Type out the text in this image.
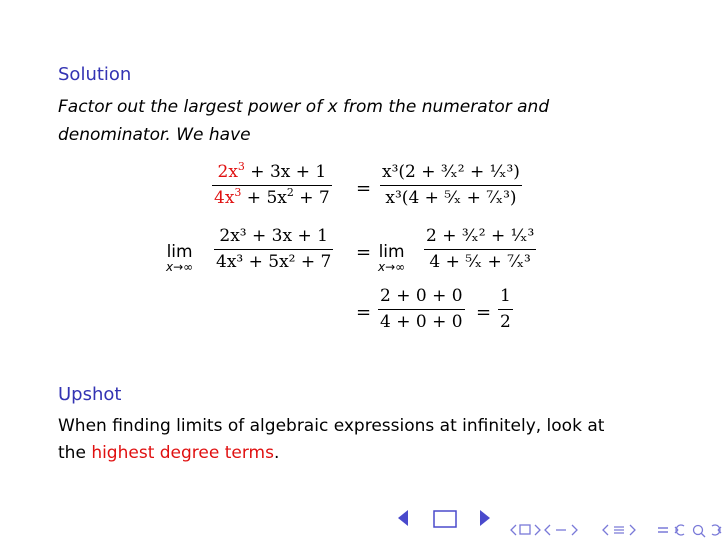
Solution
Factor out the largest power of x from the numerator and
denominator. We have
$2x^3 + 3x + 1$
$4x^3 + 5x^2 + 7$ =
x³(2 + ³⁄ₓ² + ¹⁄ₓ³)
x³(4 + ⁵⁄ₓ + ⁷⁄ₓ³)
lim
x→∞
2x³ + 3x + 1
4x³ + 5x² + 7 = lim
x→∞
2 + ³⁄ₓ² + ¹⁄ₓ³
4 + ⁵⁄ₓ + ⁷⁄ₓ³
=
2 + 0 + 0
4 + 0 + 0 =
1
2
Upshot
When finding limits of algebraic expressions at infinitely, look at
the highest degree terms.
